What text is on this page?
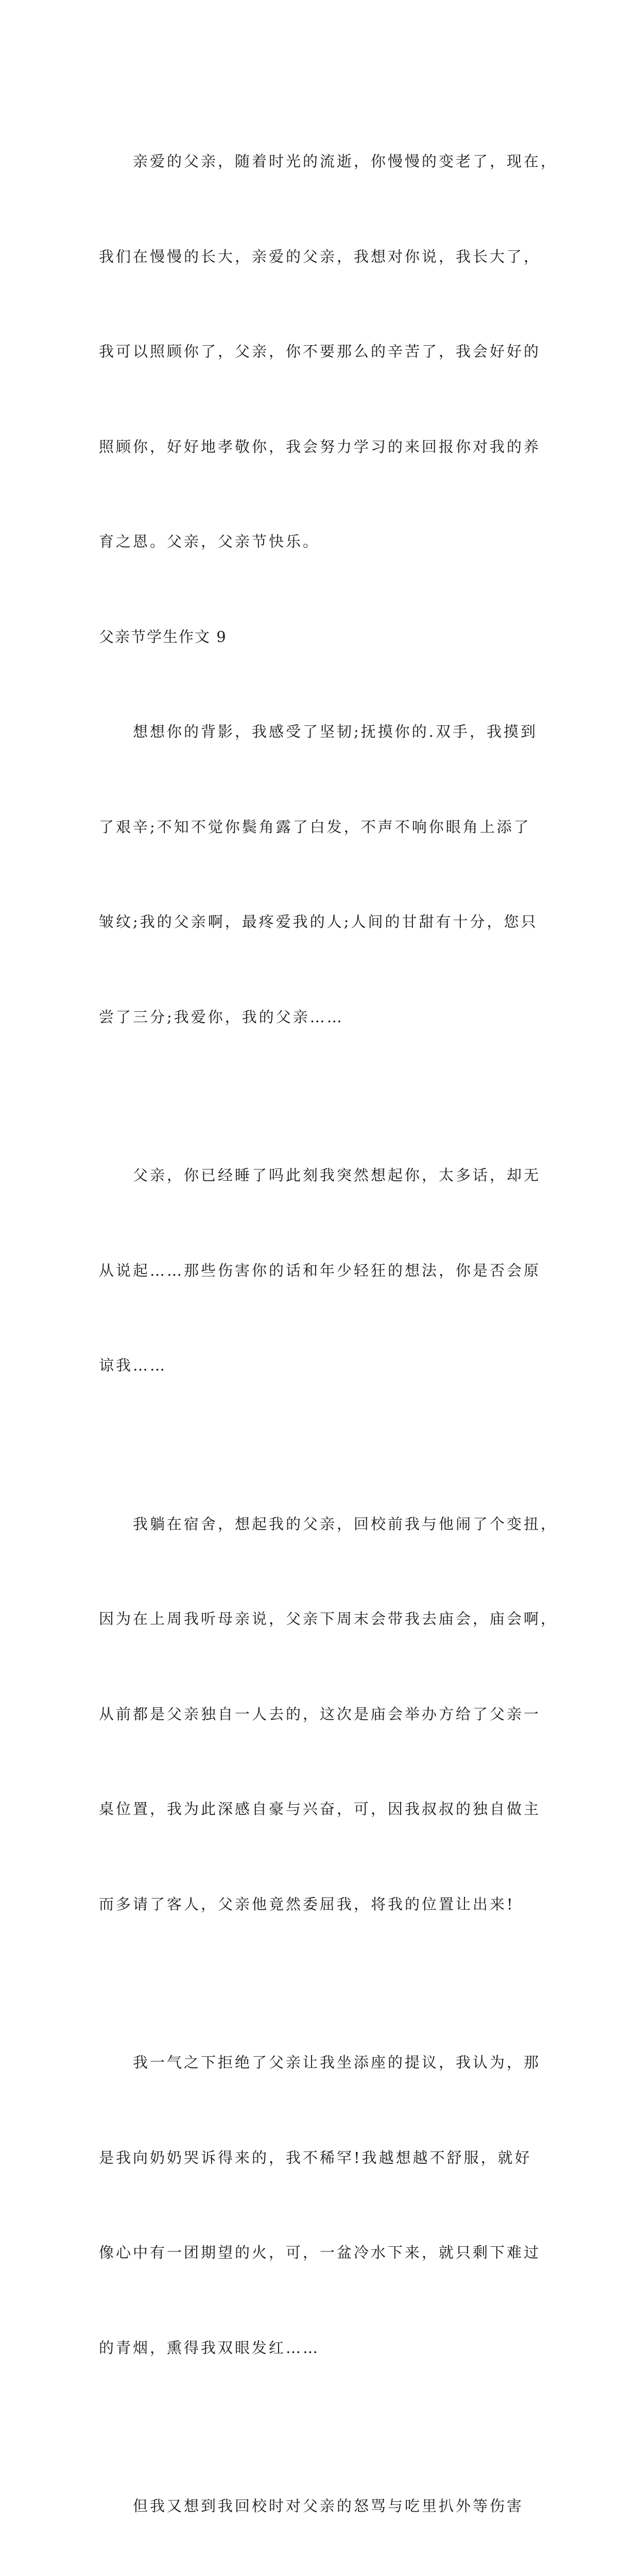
亲爱的父亲，随着时光的流逝，你慢慢的变老了，现在，

我们在慢慢的长大，亲爱的父亲，我想对你说，我长大了，

我可以照顾你了，父亲，你不要那么的辛苦了，我会好好的

照顾你，好好地孝敬你，我会努力学习的来回报你对我的养

育之恩。父亲，父亲节快乐。

父亲节学生作文 9

想想你的背影，我感受了坚韧;抚摸你的.双手，我摸到

了艰辛;不知不觉你鬓角露了白发，不声不响你眼角上添了

皱纹;我的父亲啊，最疼爱我的人;人间的甘甜有十分，您只

尝了三分;我爱你，我的父亲……

父亲，你已经睡了吗此刻我突然想起你，太多话，却无

从说起……那些伤害你的话和年少轻狂的想法，你是否会原

谅我……

我躺在宿舍，想起我的父亲，回校前我与他闹了个变扭，

因为在上周我听母亲说，父亲下周末会带我去庙会，庙会啊，

从前都是父亲独自一人去的，这次是庙会举办方给了父亲一

桌位置，我为此深感自豪与兴奋，可，因我叔叔的独自做主

而多请了客人，父亲他竟然委屈我，将我的位置让出来!

我一气之下拒绝了父亲让我坐添座的提议，我认为，那

是我向奶奶哭诉得来的，我不稀罕!我越想越不舒服，就好

像心中有一团期望的火，可，一盆冷水下来，就只剩下难过

的青烟，熏得我双眼发红……

但我又想到我回校时对父亲的怒骂与吃里扒外等伤害
